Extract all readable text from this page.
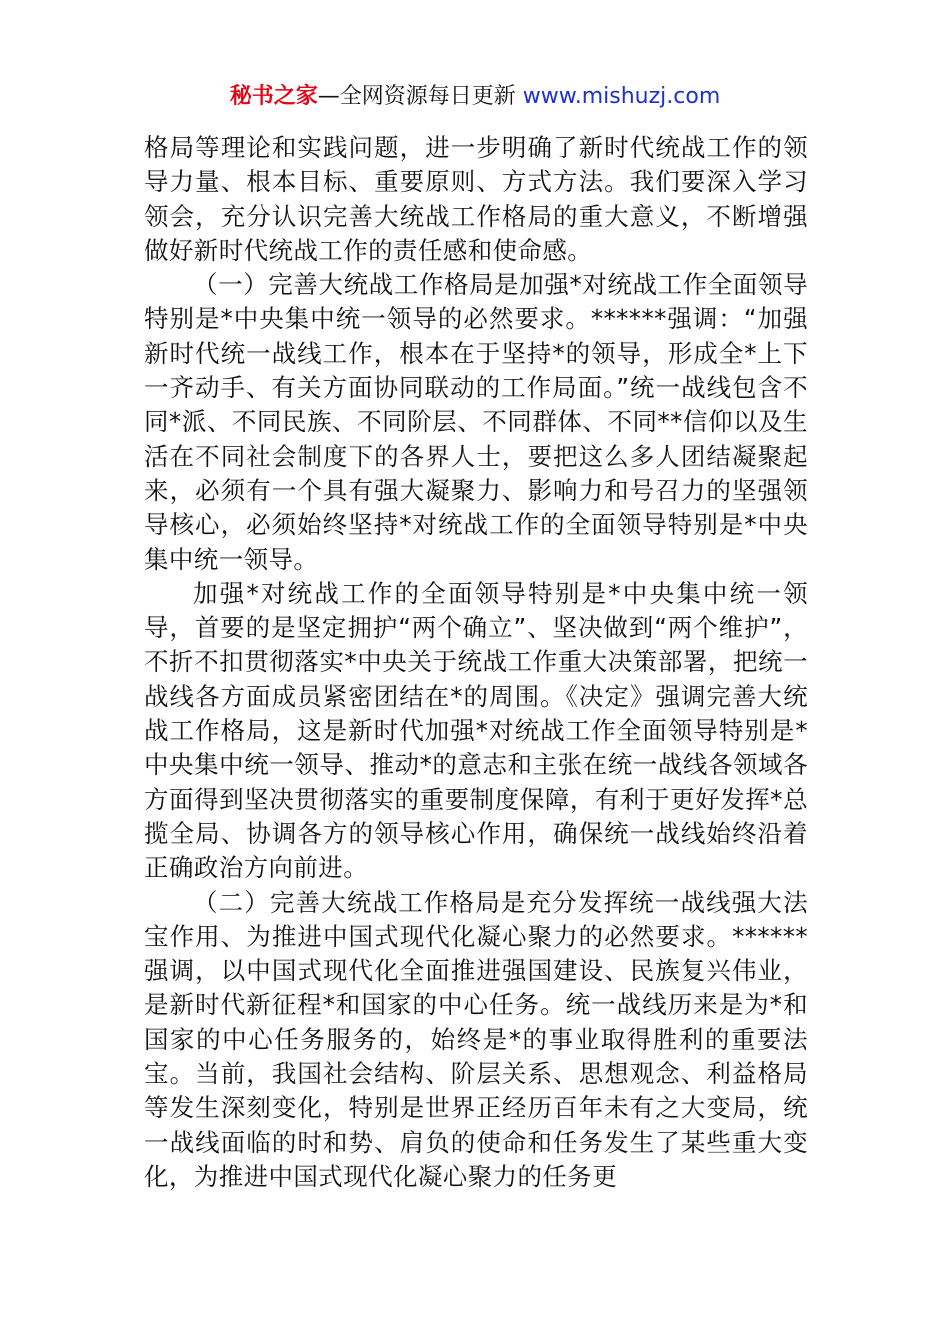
秘书之家—全网资源每日更新 www.mishuzj.com

格局等理论和实践问题，进一步明确了新时代统战工作的领导力量、根本目标、重要原则、方式方法。我们要深入学习领会，充分认识完善大统战工作格局的重大意义，不断增强做好新时代统战工作的责任感和使命感。

（一）完善大统战工作格局是加强*对统战工作全面领导特别是*中央集中统一领导的必然要求。******强调：“加强新时代统一战线工作，根本在于坚持*的领导，形成全*上下一齐动手、有关方面协同联动的工作局面。”统一战线包含不同*派、不同民族、不同阶层、不同群体、不同**信仰以及生活在不同社会制度下的各界人士，要把这么多人团结凝聚起来，必须有一个具有强大凝聚力、影响力和号召力的坚强领导核心，必须始终坚持*对统战工作的全面领导特别是*中央集中统一领导。

加强*对统战工作的全面领导特别是*中央集中统一领导，首要的是坚定拥护“两个确立”、坚决做到“两个维护”，不折不扣贯彻落实*中央关于统战工作重大决策部署，把统一战线各方面成员紧密团结在*的周围。《决定》强调完善大统战工作格局，这是新时代加强*对统战工作全面领导特别是*中央集中统一领导、推动*的意志和主张在统一战线各领域各方面得到坚决贯彻落实的重要制度保障，有利于更好发挥*总揽全局、协调各方的领导核心作用，确保统一战线始终沿着正确政治方向前进。

（二）完善大统战工作格局是充分发挥统一战线强大法宝作用、为推进中国式现代化凝心聚力的必然要求。******强调，以中国式现代化全面推进强国建设、民族复兴伟业，是新时代新征程*和国家的中心任务。统一战线历来是为*和国家的中心任务服务的，始终是*的事业取得胜利的重要法宝。当前，我国社会结构、阶层关系、思想观念、利益格局等发生深刻变化，特别是世界正经历百年未有之大变局，统一战线面临的时和势、肩负的使命和任务发生了某些重大变化，为推进中国式现代化凝心聚力的任务更
